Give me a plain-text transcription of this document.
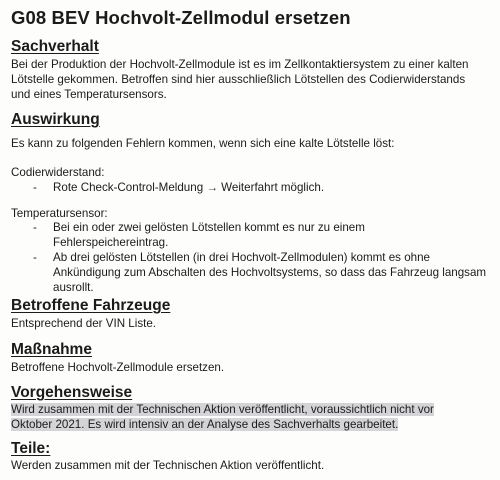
G08 BEV Hochvolt-Zellmodul ersetzen
Sachverhalt
Bei der Produktion der Hochvolt-Zellmodule ist es im Zellkontaktiersystem zu einer kalten
Lötstelle gekommen. Betroffen sind hier ausschließlich Lötstellen des Codierwiderstands
und eines Temperatursensors.
Auswirkung
Es kann zu folgenden Fehlern kommen, wenn sich eine kalte Lötstelle löst:
Codierwiderstand:
- Rote Check-Control-Meldung → Weiterfahrt möglich.
Temperatursensor:
- Bei ein oder zwei gelösten Lötstellen kommt es nur zu einem
Fehlerspeichereintrag.
- Ab drei gelösten Lötstellen (in drei Hochvolt-Zellmodulen) kommt es ohne
Ankündigung zum Abschalten des Hochvoltsystems, so dass das Fahrzeug langsam
ausrollt.
Betroffene Fahrzeuge
Entsprechend der VIN Liste.
Maßnahme
Betroffene Hochvolt-Zellmodule ersetzen.
Vorgehensweise
Wird zusammen mit der Technischen Aktion veröffentlicht, voraussichtlich nicht vor
Oktober 2021. Es wird intensiv an der Analyse des Sachverhalts gearbeitet.
Teile:
Werden zusammen mit der Technischen Aktion veröffentlicht.
